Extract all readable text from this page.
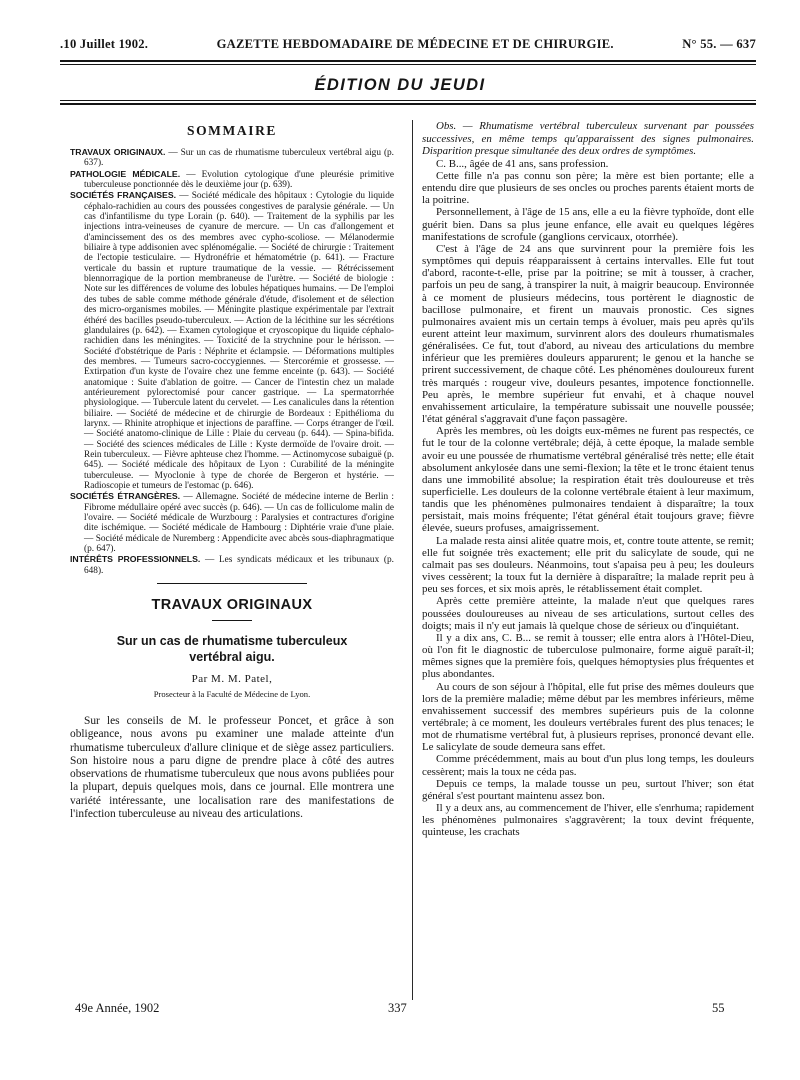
.10 Juillet 1902.	GAZETTE HEBDOMADAIRE DE MÉDECINE ET DE CHIRURGIE.	N° 55. — 637
ÉDITION DU JEUDI
SOMMAIRE

TRAVAUX ORIGINAUX. — Sur un cas de rhumatisme tuberculeux vertébral aigu (p. 637).

PATHOLOGIE MÉDICALE. — Evolution cytologique d'une pleurésie primitive tuberculeuse ponctionnée dès le deuxième jour (p. 639).

SOCIÉTÉS FRANÇAISES. — Société médicale des hôpitaux : Cytologie du liquide céphalo-rachidien au cours des poussées congestives de paralysie générale. — Un cas d'infantilisme du type Lorain (p. 640). — Traitement de la syphilis par les injections intra-veineuses de cyanure de mercure. — Un cas d'allongement et d'amincissement des os des membres avec cypho-scoliose. — Mélanodermie biliaire à type addisonien avec splénomégalie. — Société de chirurgie : Traitement de l'ectopie testiculaire. — Hydronéfrie et hématométrie (p. 641). — Fracture verticale du bassin et rupture traumatique de la vessie. — Rétrécissement blennorragique de la portion membraneuse de l'urètre. — Société de biologie : Note sur les différences de volume des lobules hépatiques humains. — De l'emploi des tubes de sable comme méthode générale d'étude, d'isolement et de sélection des micro-organismes mobiles. — Méningite plastique expérimentale par l'extrait éthéré des bacilles pseudo-tuberculeux. — Action de la lécithine sur les sécrétions glandulaires (p. 642). — Examen cytologique et cryoscopique du liquide céphalo-rachidien dans les méningites. — Toxicité de la strychnine pour le hérisson. — Société d'obstétrique de Paris : Néphrite et éclampsie. — Déformations multiples des membres. — Tumeurs sacro-coccygiennes. — Stercorémie et grossesse. — Extirpation d'un kyste de l'ovaire chez une femme enceinte (p. 643). — Société anatomique : Suite d'ablation de goitre. — Cancer de l'intestin chez un malade antérieurement pylorectomisé pour cancer gastrique. — La spermatorrhée physiologique. — Tubercule latent du cervelet. — Les canalicules dans la rétention biliaire. — Société de médecine et de chirurgie de Bordeaux : Epithélioma du larynx. — Rhinite atrophique et injections de paraffine. — Corps étranger de l'œil. — Société anatomo-clinique de Lille : Plaie du cerveau (p. 644). — Spina-bifida. — Société des sciences médicales de Lille : Kyste dermoïde de l'ovaire droit. — Rein tuberculeux. — Fièvre aphteuse chez l'homme. — Actinomycose subaiguë (p. 645). — Société médicale des hôpitaux de Lyon : Curabilité de la méningite tuberculeuse. — Myoclonie à type de chorée de Bergeron et hystérie. — Radioscopie et tumeurs de l'estomac (p. 646).

SOCIÉTÉS ÉTRANGÈRES. — Allemagne. Société de médecine interne de Berlin : Fibrome médullaire opéré avec succès (p. 646). — Un cas de folliculome malin de l'ovaire. — Société médicale de Wurzbourg : Paralysies et contractures d'origine dite ischémique. — Société médicale de Hambourg : Diphtérie vraie d'une plaie. — Société médicale de Nuremberg : Appendicite avec abcès sous-diaphragmatique (p. 647).

INTÉRÊTS PROFESSIONNELS. — Les syndicats médicaux et les tribunaux (p. 648).

TRAVAUX ORIGINAUX

Sur un cas de rhumatisme tuberculeux

vertébral aigu.

Par M. M. Patel,

Prosecteur à la Faculté de Médecine de Lyon.

Sur les conseils de M. le professeur Poncet, et grâce à son obligeance, nous avons pu examiner une malade atteinte d'un rhumatisme tuberculeux d'allure clinique et de siège assez particuliers. Son histoire nous a paru digne de prendre place à côté des autres observations de rhumatisme tuberculeux que nous avons publiées pour la plupart, depuis quelques mois, dans ce journal. Elle montrera une variété intéressante, une localisation rare des manifestations de l'infection tuberculeuse au niveau des articulations.

Obs. — Rhumatisme vertébral tuberculeux survenant par poussées successives, en même temps qu'apparaissent des signes pulmonaires. Disparition presque simultanée des deux ordres de symptômes.

C. B..., âgée de 41 ans, sans profession.

Cette fille n'a pas connu son père; la mère est bien portante; elle a entendu dire que plusieurs de ses oncles ou proches parents étaient morts de la poitrine.

Personnellement, à l'âge de 15 ans, elle a eu la fièvre typhoïde, dont elle guérit bien. Dans sa plus jeune enfance, elle avait eu quelques légères manifestations de scrofule (ganglions cervicaux, otorrhée).

C'est à l'âge de 24 ans que survinrent pour la première fois les symptômes qui depuis réapparaissent à certains intervalles. Elle fut tout d'abord, raconte-t-elle, prise par la poitrine; se mit à tousser, à cracher, parfois un peu de sang, à transpirer la nuit, à maigrir beaucoup. Environnée à ce moment de plusieurs médecins, tous portèrent le diagnostic de bacillose pulmonaire, et firent un mauvais pronostic. Ces signes pulmonaires avaient mis un certain temps à évoluer, mais peu après qu'ils eurent atteint leur maximum, survinrent alors des douleurs rhumatismales généralisées. Ce fut, tout d'abord, au niveau des articulations du membre inférieur que les premières douleurs apparurent; le genou et la hanche se prirent successivement, de chaque côté. Les phénomènes douloureux furent très marqués : rougeur vive, douleurs pesantes, impotence fonctionnelle. Peu après, le membre supérieur fut envahi, et à chaque nouvel envahissement articulaire, la température subissait une nouvelle poussée; l'état général s'aggravait d'une façon passagère.

Après les membres, où les doigts eux-mêmes ne furent pas respectés, ce fut le tour de la colonne vertébrale; déjà, à cette époque, la malade semble avoir eu une poussée de rhumatisme vertébral généralisé très nette; elle était absolument ankylosée dans une semi-flexion; la tête et le tronc étaient tenus dans une immobilité absolue; la respiration était très douloureuse et très superficielle. Les douleurs de la colonne vertébrale étaient à leur maximum, tandis que les phénomènes pulmonaires tendaient à disparaître; la toux persistait, mais moins fréquente; l'état général était toujours grave; fièvre élevée, sueurs profuses, amaigrissement.

La malade resta ainsi alitée quatre mois, et, contre toute attente, se remit; elle fut soignée très exactement; elle prit du salicylate de soude, qui ne calmait pas ses douleurs. Néanmoins, tout s'apaisa peu à peu; les douleurs vives cessèrent; la toux fut la dernière à disparaître; la malade reprit peu à peu ses forces, et six mois après, le rétablissement était complet.

Après cette première atteinte, la malade n'eut que quelques rares poussées douloureuses au niveau de ses articulations, surtout celles des doigts; mais il n'y eut jamais là quelque chose de sérieux ou d'inquiétant.

Il y a dix ans, C. B... se remit à tousser; elle entra alors à l'Hôtel-Dieu, où l'on fit le diagnostic de tuberculose pulmonaire, forme aiguë paraît-il; mêmes signes que la première fois, quelques hémoptysies plus fréquentes et plus abondantes.

Au cours de son séjour à l'hôpital, elle fut prise des mêmes douleurs que lors de la première maladie; même début par les membres inférieurs, même envahissement successif des membres supérieurs puis de la colonne vertébrale; à ce moment, les douleurs vertébrales furent des plus tenaces; le mot de rhumatisme vertébral fut, à plusieurs reprises, prononcé devant elle. Le salicylate de soude demeura sans effet.

Comme précédemment, mais au bout d'un plus long temps, les douleurs cessèrent; mais la toux ne céda pas.

Depuis ce temps, la malade tousse un peu, surtout l'hiver; son état général s'est pourtant maintenu assez bon.

Il y a deux ans, au commencement de l'hiver, elle s'enrhuma; rapidement les phénomènes pulmonaires s'aggravèrent; la toux devint fréquente, quinteuse, les crachats

49e Année, 1902	337	55
